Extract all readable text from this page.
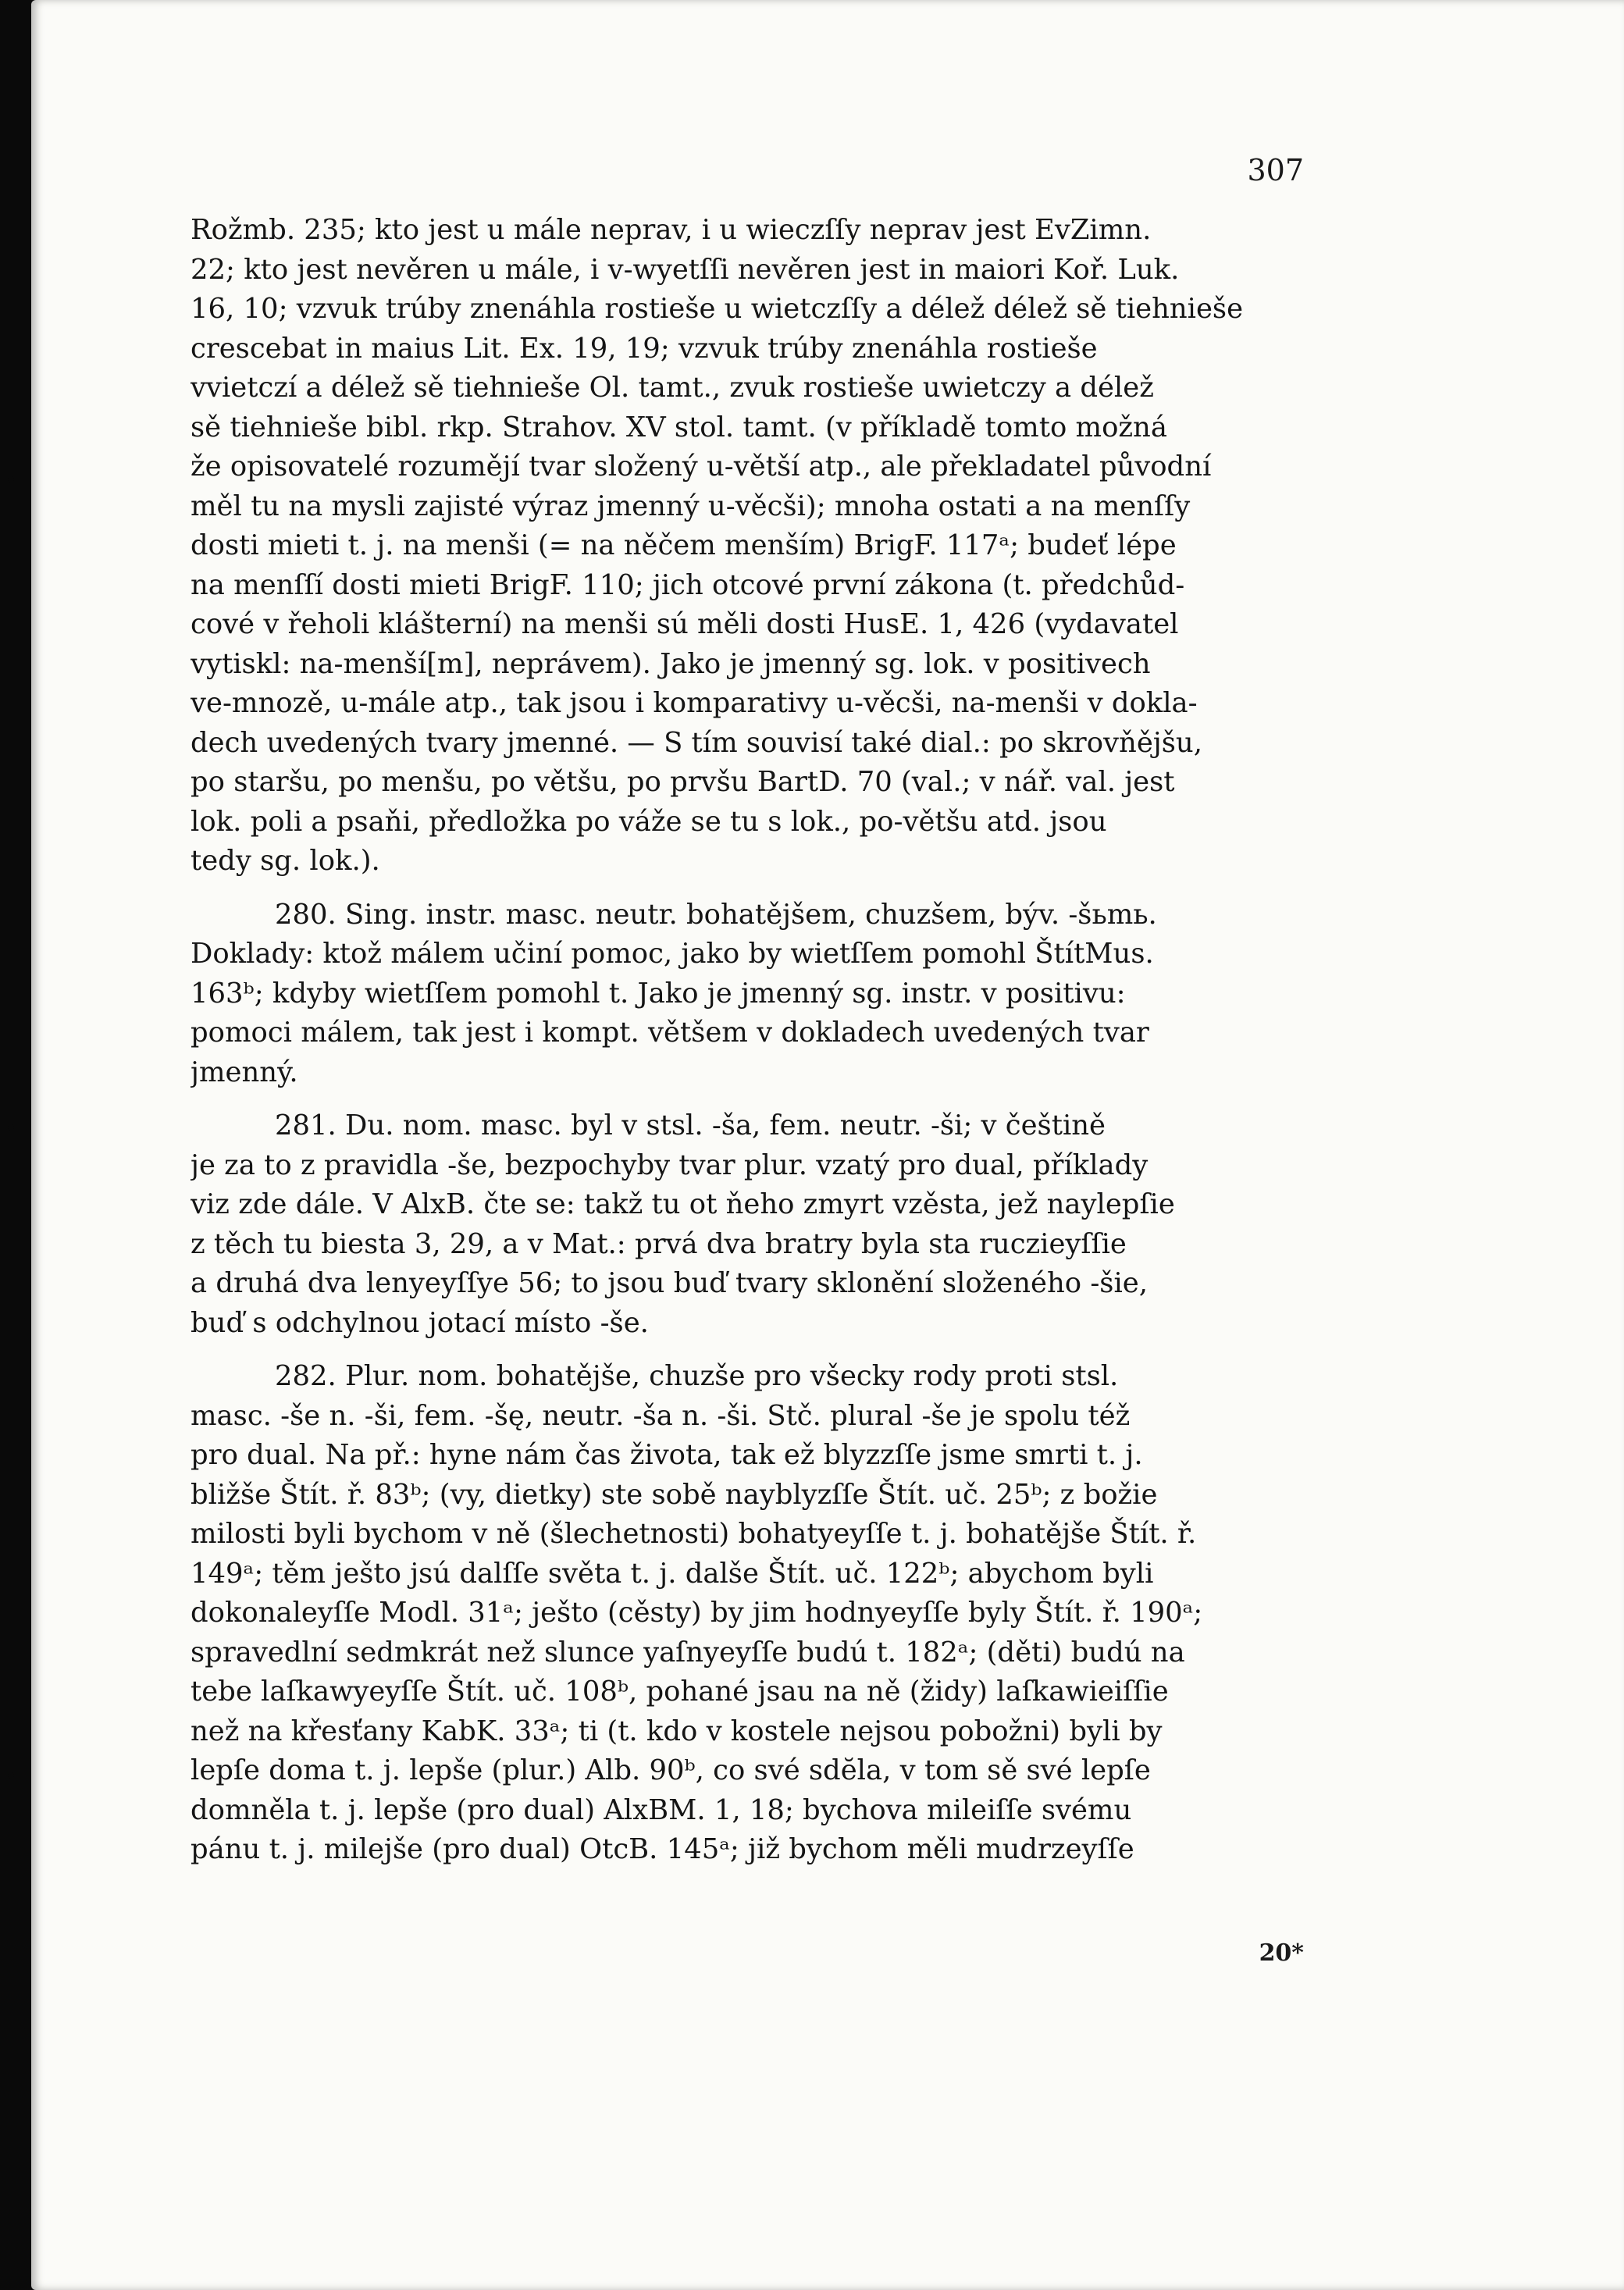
307
Rožmb. 235; kto jest u mále neprav, i u wieczſſy neprav jest EvZimn.
22; kto jest nevěren u mále, i v-wyetſſi nevěren jest in maiori Koř. Luk.
16, 10; vzvuk trúby znenáhla rostieše u wietczſſy a délež délež sě tiehnieše
crescebat in maius Lit. Ex. 19, 19; vzvuk trúby znenáhla rostieše
vvietczí a délež sě tiehnieše Ol. tamt., zvuk rostieše uwietczy a délež
sě tiehnieše bibl. rkp. Strahov. XV stol. tamt. (v příkladě tomto možná
že opisovatelé rozumějí tvar složený u-větší atp., ale překladatel původní
měl tu na mysli zajisté výraz jmenný u-věcši); mnoha ostati a na menſſy
dosti mieti t. j. na menši (= na něčem menším) BrigF. 117ᵃ; budeť lépe
na menſſí dosti mieti BrigF. 110; jich otcové první zákona (t. předchůd-
cové v řeholi klášterní) na menši sú měli dosti HusE. 1, 426 (vydavatel
vytiskl: na-menší[m], neprávem). Jako je jmenný sg. lok. v positivech
ve-mnozě, u-mále atp., tak jsou i komparativy u-věcši, na-menši v dokla-
dech uvedených tvary jmenné. — S tím souvisí také dial.: po skrovňějšu,
po staršu, po menšu, po většu, po prvšu BartD. 70 (val.; v nář. val. jest
lok. poli a psaňi, předložka po váže se tu s lok., po-většu atd. jsou
tedy sg. lok.).
280. Sing. instr. masc. neutr. bohatějšem, chuzšem, býv. -šьmь.
Doklady: ktož málem učiní pomoc, jako by wietſſem pomohl ŠtítMus.
163ᵇ; kdyby wietſſem pomohl t. Jako je jmenný sg. instr. v positivu:
pomoci málem, tak jest i kompt. většem v dokladech uvedených tvar
jmenný.
281. Du. nom. masc. byl v stsl. -ša, fem. neutr. -ši; v češtině
je za to z pravidla -še, bezpochyby tvar plur. vzatý pro dual, příklady
viz zde dále. V AlxB. čte se: takž tu ot ňeho zmyrt vzěsta, jež naylepſie
z těch tu biesta 3, 29, a v Mat.: prvá dva bratry byla sta ruczieyſſie
a druhá dva lenyeyſſye 56; to jsou buď tvary sklonění složeného -šie,
buď s odchylnou jotací místo -še.
282. Plur. nom. bohatějše, chuzše pro všecky rody proti stsl.
masc. -še n. -ši, fem. -šę, neutr. -ša n. -ši. Stč. plural -še je spolu též
pro dual. Na př.: hyne nám čas života, tak ež blyzzſſe jsme smrti t. j.
bližše Štít. ř. 83ᵇ; (vy, dietky) ste sobě nayblyzſſe Štít. uč. 25ᵇ; z božie
milosti byli bychom v ně (šlechetnosti) bohatyeyſſe t. j. bohatějše Štít. ř.
149ᵃ; těm ješto jsú dalſſe světa t. j. dalše Štít. uč. 122ᵇ; abychom byli
dokonaleyſſe Modl. 31ᵃ; ješto (cěsty) by jim hodnyeyſſe byly Štít. ř. 190ᵃ;
spravedlní sedmkrát než slunce yaſnyeyſſe budú t. 182ᵃ; (děti) budú na
tebe laſkawyeyſſe Štít. uč. 108ᵇ, pohané jsau na ně (židy) laſkawieiſſie
než na křesťany KabK. 33ᵃ; ti (t. kdo v kostele nejsou pobožni) byli by
lepſe doma t. j. lepše (plur.) Alb. 90ᵇ, co své sdĕla, v tom sě své lepſe
domněla t. j. lepše (pro dual) AlxBM. 1, 18; bychova mileiſſe svému
pánu t. j. milejše (pro dual) OtcB. 145ᵃ; již bychom měli mudrzeyſſe
20*
